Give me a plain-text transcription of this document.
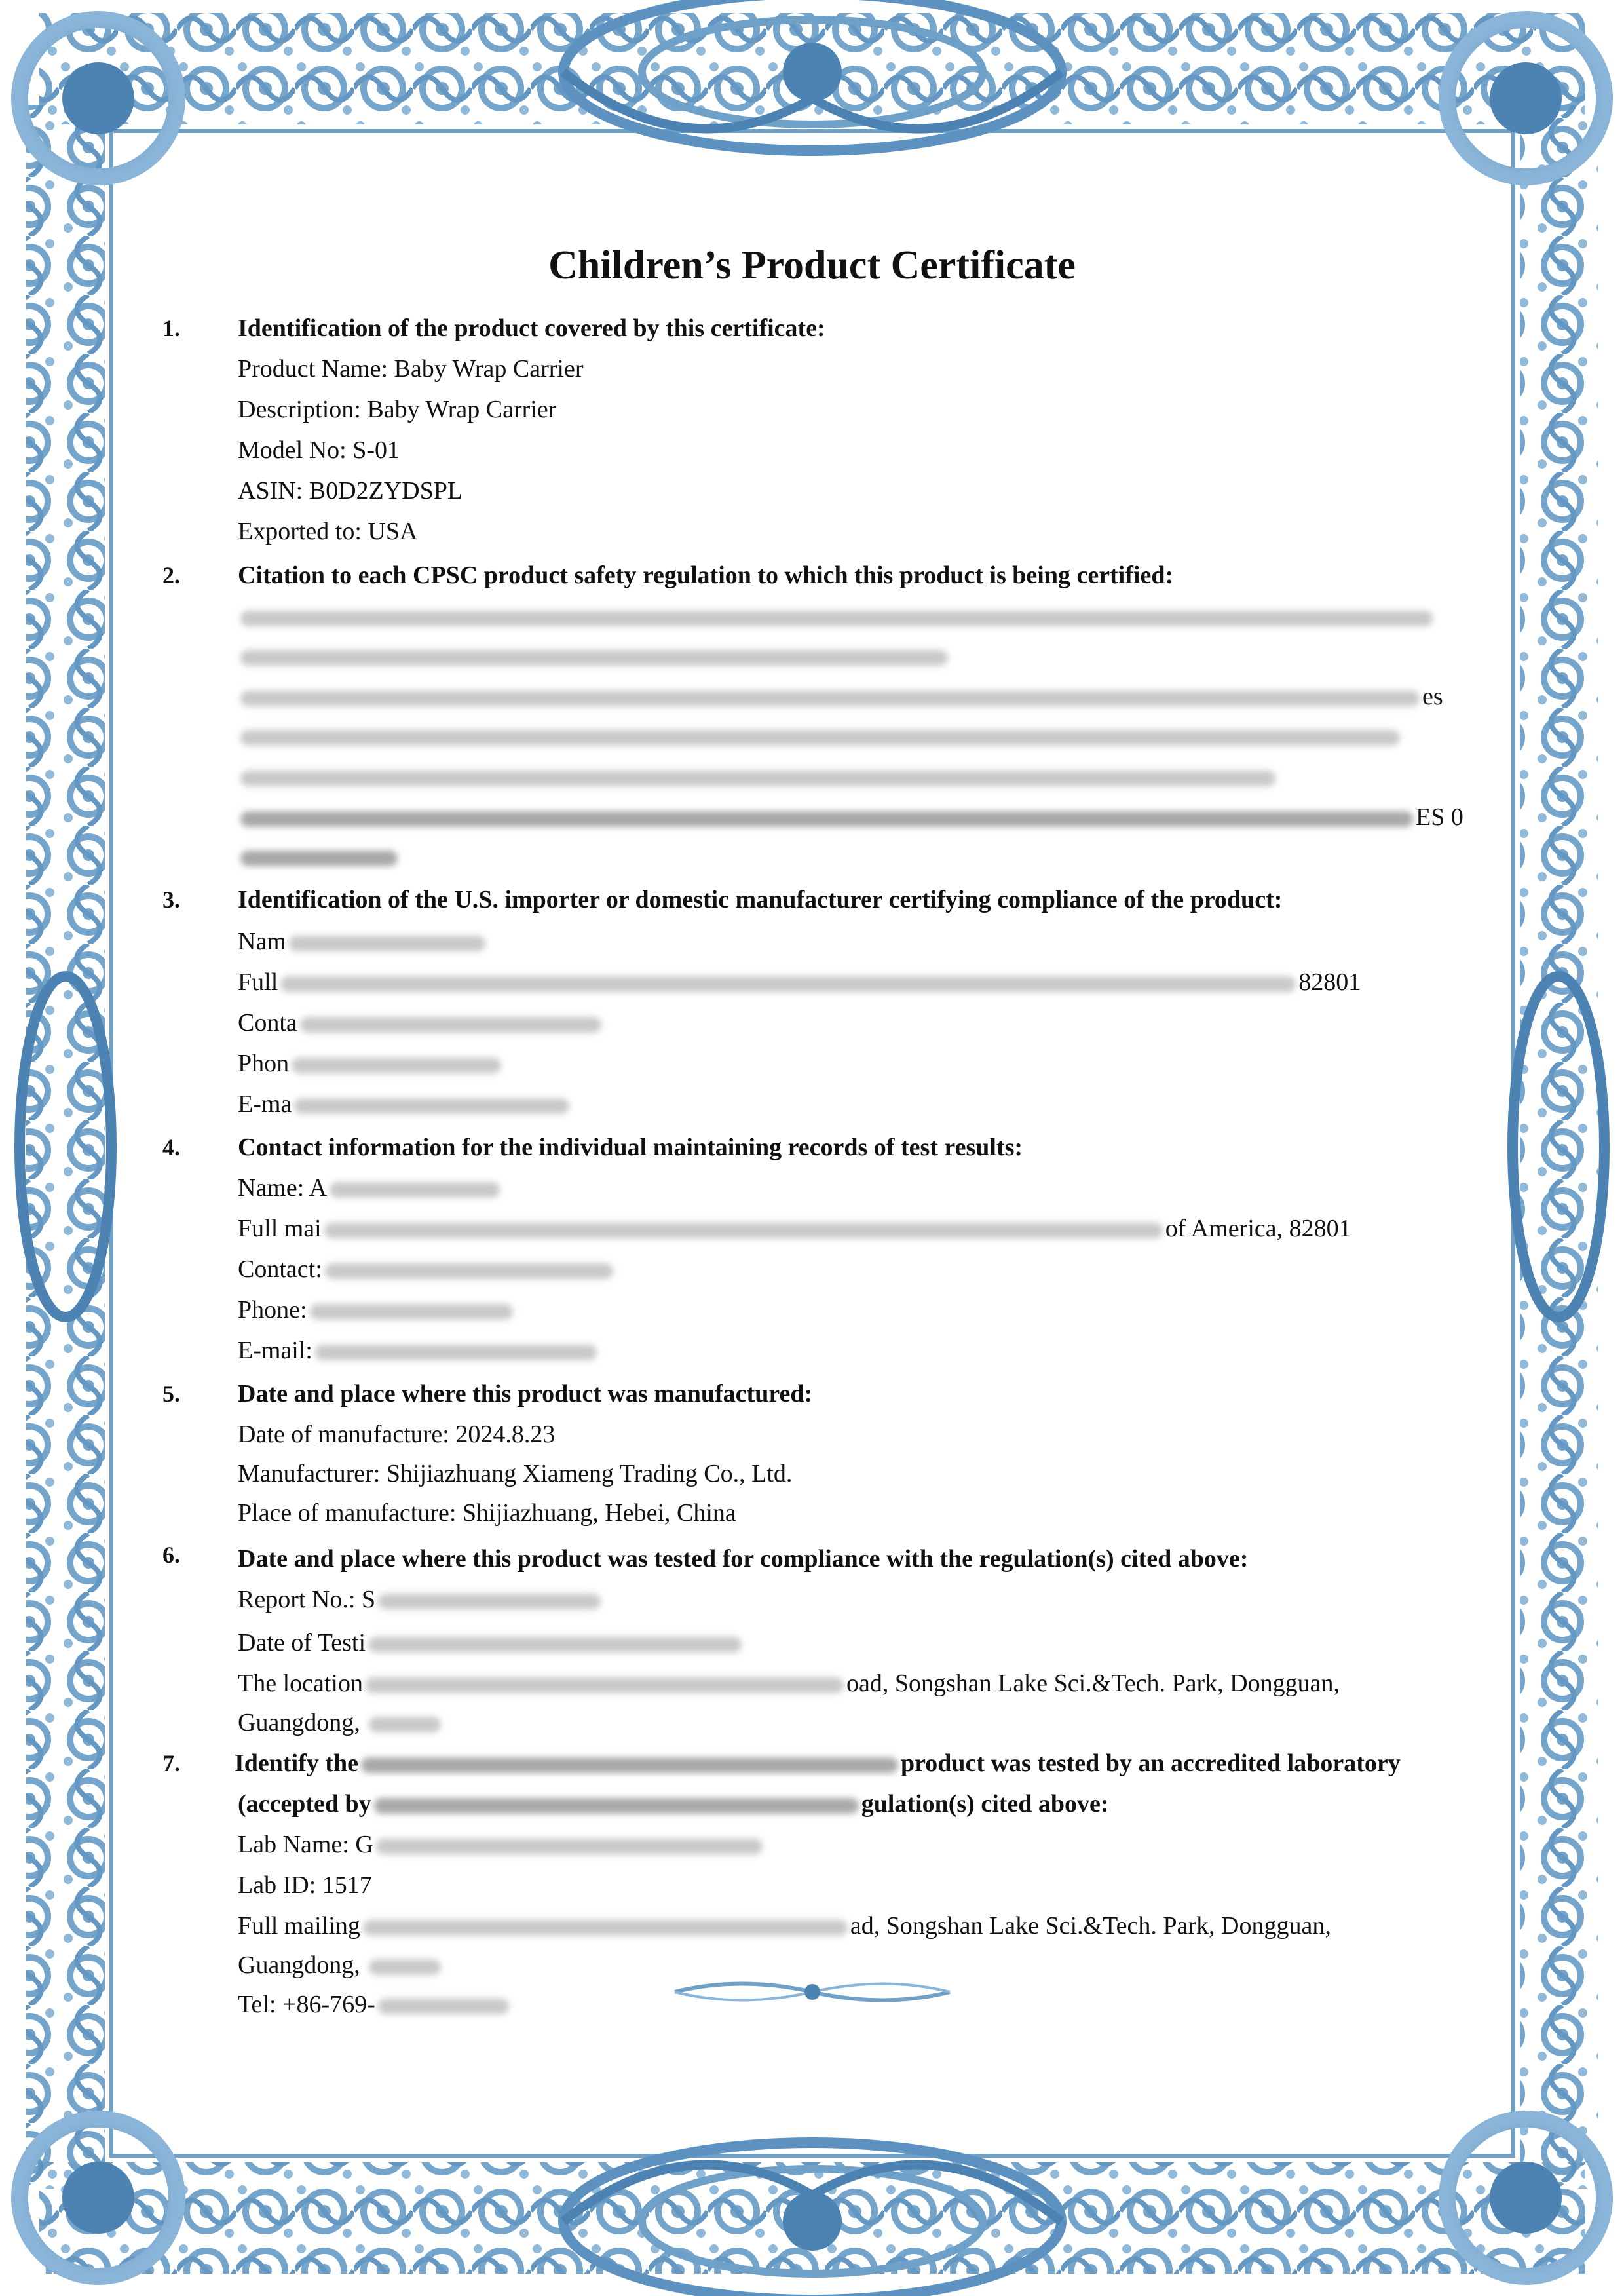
Children’s Product Certificate
1. Identification of the product covered by this certificate:
Product Name: Baby Wrap Carrier
Description: Baby Wrap Carrier
Model No: S-01
ASIN: B0D2ZYDSPL
Exported to: USA
2. Citation to each CPSC product safety regulation to which this product is being certified:
es
ES 0
3. Identification of the U.S. importer or domestic manufacturer certifying compliance of the product:
Nam
Full	82801
Conta
Phon
E-ma
4. Contact information for the individual maintaining records of test results:
Name: A
Full mai	of America, 82801
Contact:
Phone:
E-mail:
5. Date and place where this product was manufactured:
Date of manufacture: 2024.8.23
Manufacturer: Shijiazhuang Xiameng Trading Co., Ltd.
Place of manufacture: Shijiazhuang, Hebei, China
6. Date and place where this product was tested for compliance with the regulation(s) cited above:
Report No.: S
Date of Testi
The location	oad, Songshan Lake Sci.&Tech. Park, Dongguan,
Guangdong,
7. Identify the	product was tested by an accredited laboratory
(accepted by	gulation(s) cited above:
Lab Name: G
Lab ID: 1517
Full mailing	ad, Songshan Lake Sci.&Tech. Park, Dongguan,
Guangdong,
Tel: +86-769-
